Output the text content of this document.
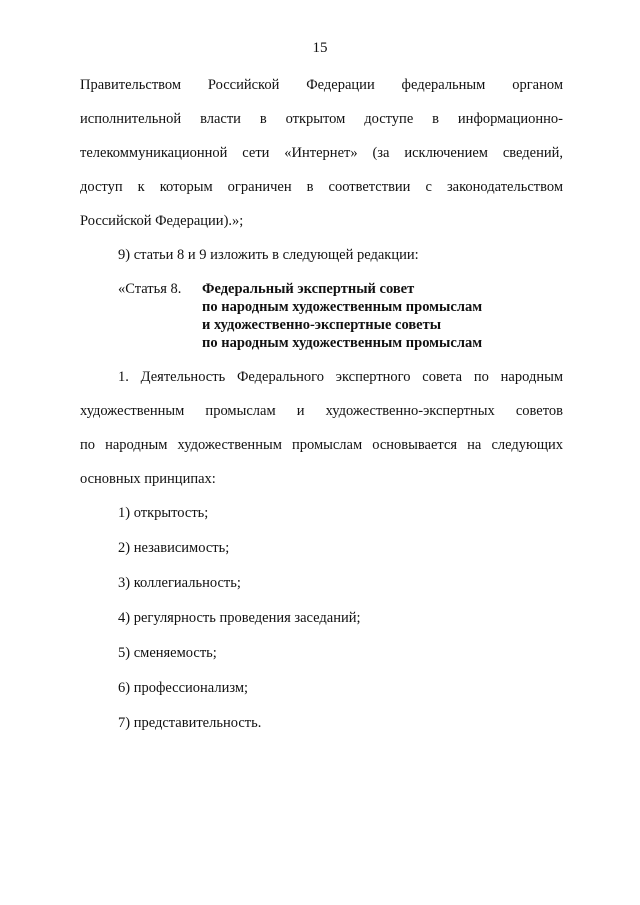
15
Правительством Российской Федерации федеральным органом
исполнительной власти в открытом доступе в информационно-
телекоммуникационной сети «Интернет» (за исключением сведений,
доступ к которым ограничен в соответствии с законодательством
Российской Федерации).»;
9) статьи 8 и 9 изложить в следующей редакции:
«Статья 8.	Федеральный экспертный совет
по народным художественным промыслам
и художественно-экспертные советы
по народным художественным промыслам
1. Деятельность Федерального экспертного совета по народным
художественным промыслам и художественно-экспертных советов
по народным художественным промыслам основывается на следующих
основных принципах:
1) открытость;
2) независимость;
3) коллегиальность;
4) регулярность проведения заседаний;
5) сменяемость;
6) профессионализм;
7) представительность.
